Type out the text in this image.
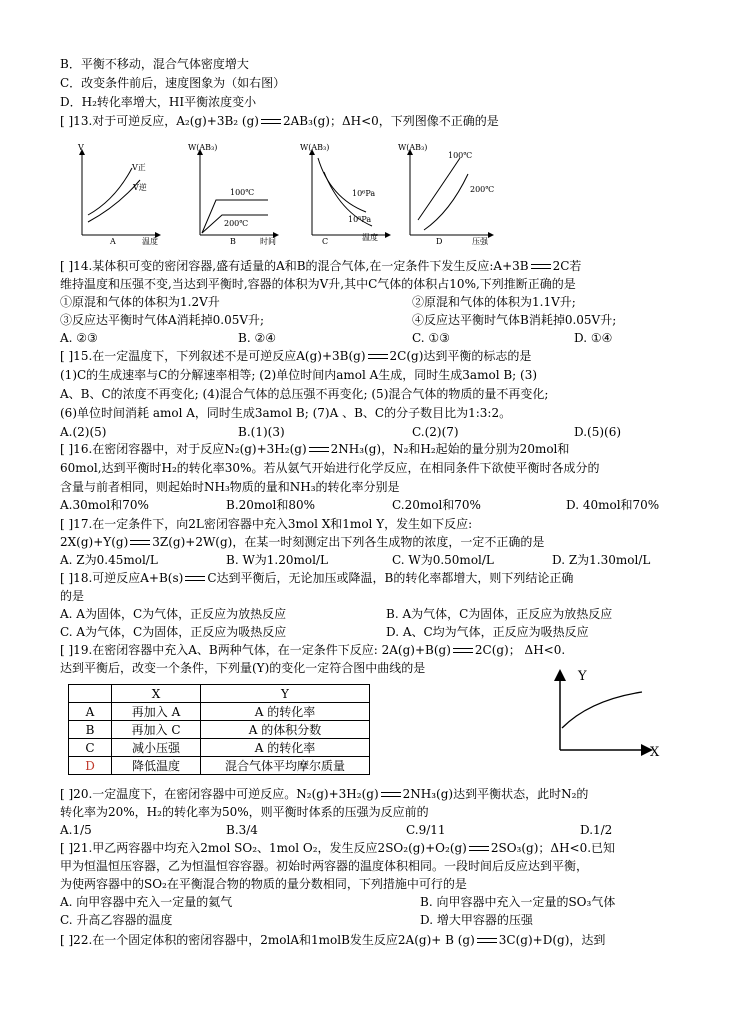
B．平衡不移动，混合气体密度增大
C．改变条件前后，速度图象为（如右图）
D．H₂转化率增大，HI平衡浓度变小
[ ]13.对于可逆反应，A₂(g)+3B₂ (g) 2AB₃(g)；ΔH<0，下列图像不正确的是
V
V正
V逆
A	温度
W(AB₃)
100℃
200℃
B	时间
W(AB₃)
10⁶Pa
10⁵Pa
C	温度
W(AB₃)
100℃
200℃
D	压强
[ ]14.某体积可变的密闭容器,盛有适量的A和B的混合气体,在一定条件下发生反应:A+3B 2C若
维持温度和压强不变,当达到平衡时,容器的体积为V升,其中C气体的体积占10%,下列推断正确的是
①原混和气体的体积为1.2V升	②原混和气体的体积为1.1V升;
③反应达平衡时气体A消耗掉0.05V升;	④反应达平衡时气体B消耗掉0.05V升;
A. ②③	B. ②④	C. ①③	D. ①④
[ ]15.在一定温度下，下列叙述不是可逆反应A(g)+3B(g) 2C(g)达到平衡的标志的是
(1)C的生成速率与C的分解速率相等; (2)单位时间内amol A生成，同时生成3amol B; (3)
A、B、C的浓度不再变化; (4)混合气体的总压强不再变化; (5)混合气体的物质的量不再变化;
(6)单位时间消耗 amol A，同时生成3amol B; (7)A 、B、C的分子数目比为1:3:2。
A.(2)(5)	B.(1)(3)	C.(2)(7)	D.(5)(6)
[ ]16.在密闭容器中，对于反应N₂(g)+3H₂(g) 2NH₃(g)，N₂和H₂起始的量分别为20mol和
60mol,达到平衡时H₂的转化率30%。若从氨气开始进行化学反应，在相同条件下欲使平衡时各成分的
含量与前者相同，则起始时NH₃物质的量和NH₃的转化率分别是
A.30mol和70%	B.20mol和80%	C.20mol和70%	D. 40mol和70%
[ ]17.在一定条件下，向2L密闭容器中充入3mol X和1mol Y，发生如下反应:
2X(g)+Y(g) 3Z(g)+2W(g)，在某一时刻测定出下列各生成物的浓度，一定不正确的是
A. Z为0.45mol/L	B. W为1.20mol/L	C. W为0.50mol/L	D. Z为1.30mol/L
[ ]18.可逆反应A+B(s) C达到平衡后，无论加压或降温，B的转化率都增大，则下列结论正确
的是
A. A为固体，C为气体，正反应为放热反应	B. A为气体，C为固体，正反应为放热反应
C. A为气体，C为固体，正反应为吸热反应	D. A、C均为气体，正反应为吸热反应
[ ]19.在密闭容器中充入A、B两种气体，在一定条件下反应: 2A(g)+B(g) 2C(g)； ΔH<0.
达到平衡后，改变一个条件，下列量(Y)的变化一定符合图中曲线的是
	X	Y
A	再加入 A	A 的转化率
B	再加入 C	A 的体积分数
C	减小压强	A 的转化率
D	降低温度	混合气体平均摩尔质量
Y
X
[ ]20.一定温度下，在密闭容器中可逆反应。N₂(g)+3H₂(g) 2NH₃(g)达到平衡状态，此时N₂的
转化率为20%，H₂的转化率为50%，则平衡时体系的压强为反应前的
A.1/5	B.3/4	C.9/11	D.1/2
[ ]21.甲乙两容器中均充入2mol SO₂、1mol O₂，发生反应2SO₂(g)+O₂(g) 2SO₃(g)；ΔH<0.已知
甲为恒温恒压容器，乙为恒温恒容容器。初始时两容器的温度体积相同。一段时间后反应达到平衡，
为使两容器中的SO₂在平衡混合物的物质的量分数相同，下列措施中可行的是
A. 向甲容器中充入一定量的氦气	B. 向甲容器中充入一定量的SO₃气体
C. 升高乙容器的温度	D. 增大甲容器的压强
[ ]22.在一个固定体积的密闭容器中，2molA和1molB发生反应2A(g)+ B (g) 3C(g)+D(g)，达到
